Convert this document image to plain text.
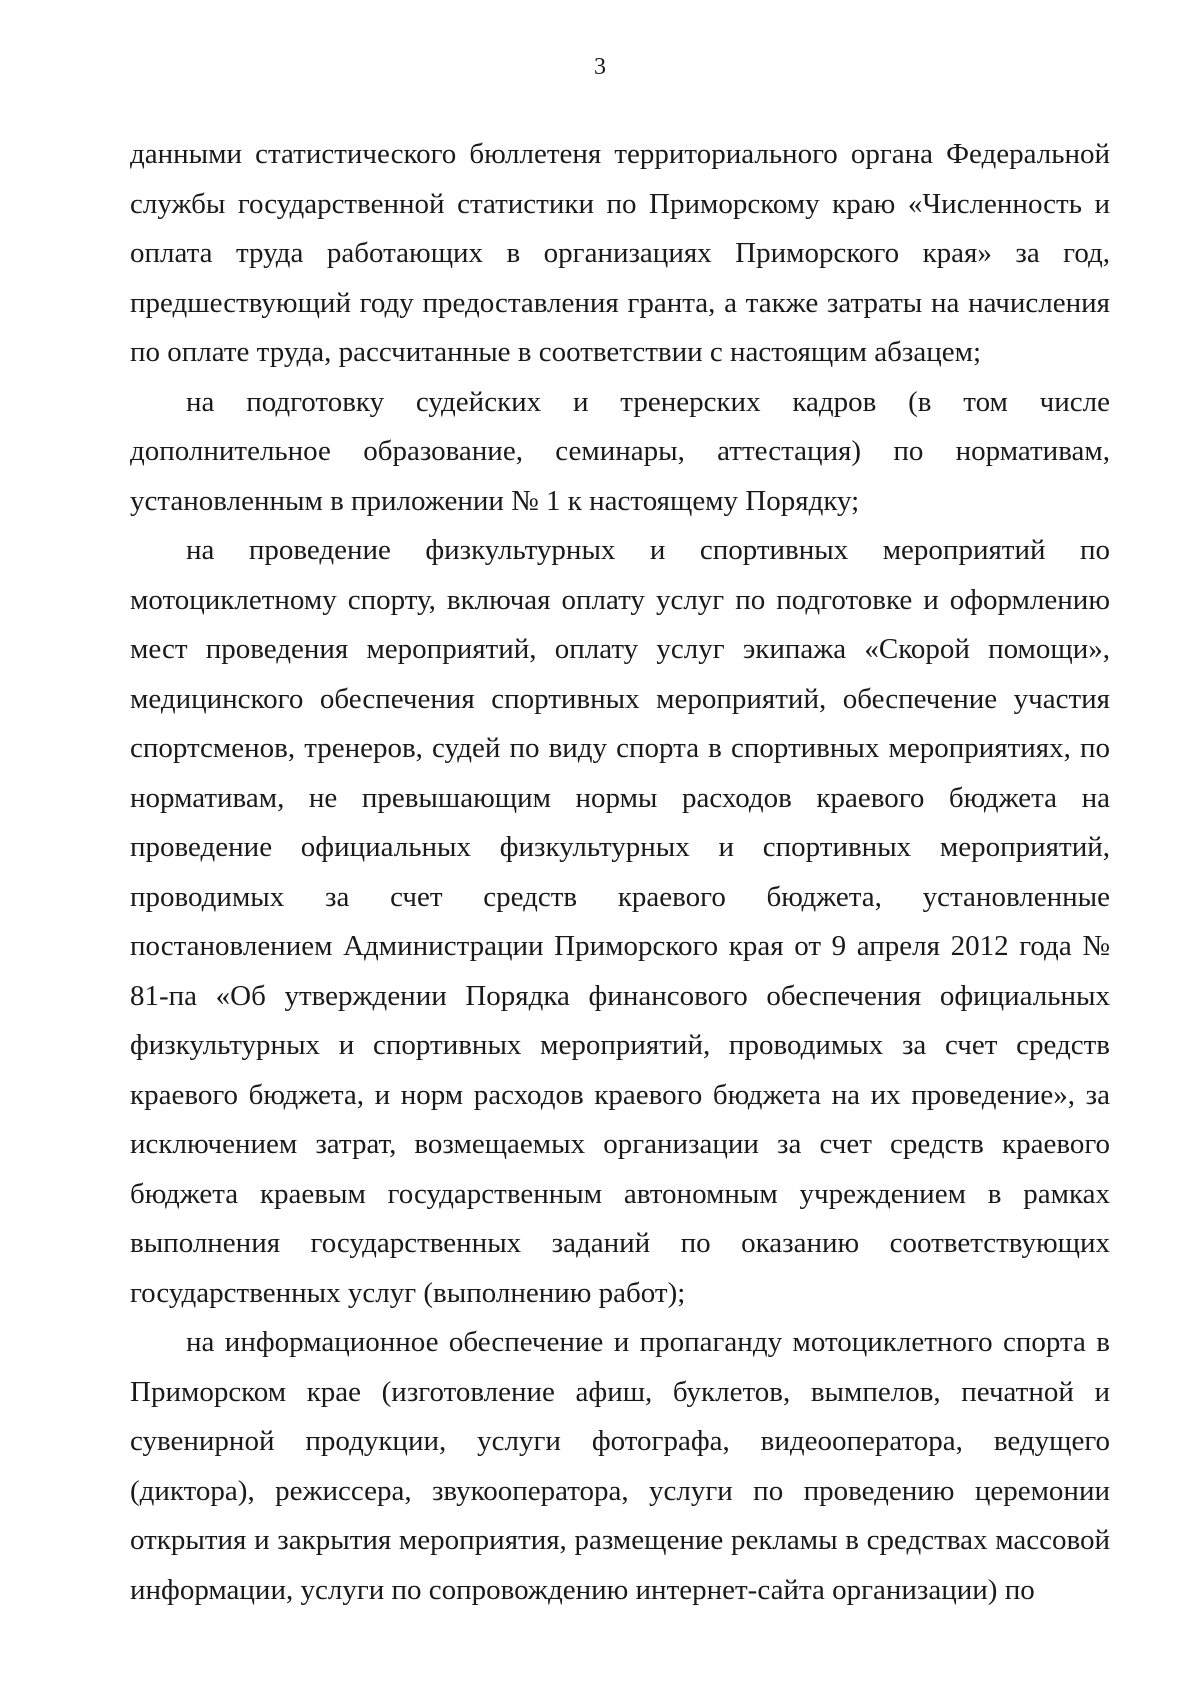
3

данными статистического бюллетеня территориального органа Федеральной службы государственной статистики по Приморскому краю «Численность и оплата труда работающих в организациях Приморского края» за год, предшествующий году предоставления гранта, а также затраты на начисления по оплате труда, рассчитанные в соответствии с настоящим абзацем;

на подготовку судейских и тренерских кадров (в том числе дополнительное образование, семинары, аттестация) по нормативам, установленным в приложении № 1 к настоящему Порядку;

на проведение физкультурных и спортивных мероприятий по мотоциклетному спорту, включая оплату услуг по подготовке и оформлению мест проведения мероприятий, оплату услуг экипажа «Скорой помощи», медицинского обеспечения спортивных мероприятий, обеспечение участия спортсменов, тренеров, судей по виду спорта в спортивных мероприятиях, по нормативам, не превышающим нормы расходов краевого бюджета на проведение официальных физкультурных и спортивных мероприятий, проводимых за счет средств краевого бюджета, установленные постановлением Администрации Приморского края от 9 апреля 2012 года № 81-па «Об утверждении Порядка финансового обеспечения официальных физкультурных и спортивных мероприятий, проводимых за счет средств краевого бюджета, и норм расходов краевого бюджета на их проведение», за исключением затрат, возмещаемых организации за счет средств краевого бюджета краевым государственным автономным учреждением в рамках выполнения государственных заданий по оказанию соответствующих государственных услуг (выполнению работ);

на информационное обеспечение и пропаганду мотоциклетного спорта в Приморском крае (изготовление афиш, буклетов, вымпелов, печатной и сувенирной продукции, услуги фотографа, видеооператора, ведущего (диктора), режиссера, звукооператора, услуги по проведению церемонии открытия и закрытия мероприятия, размещение рекламы в средствах массовой информации, услуги по сопровождению интернет-сайта организации) по
